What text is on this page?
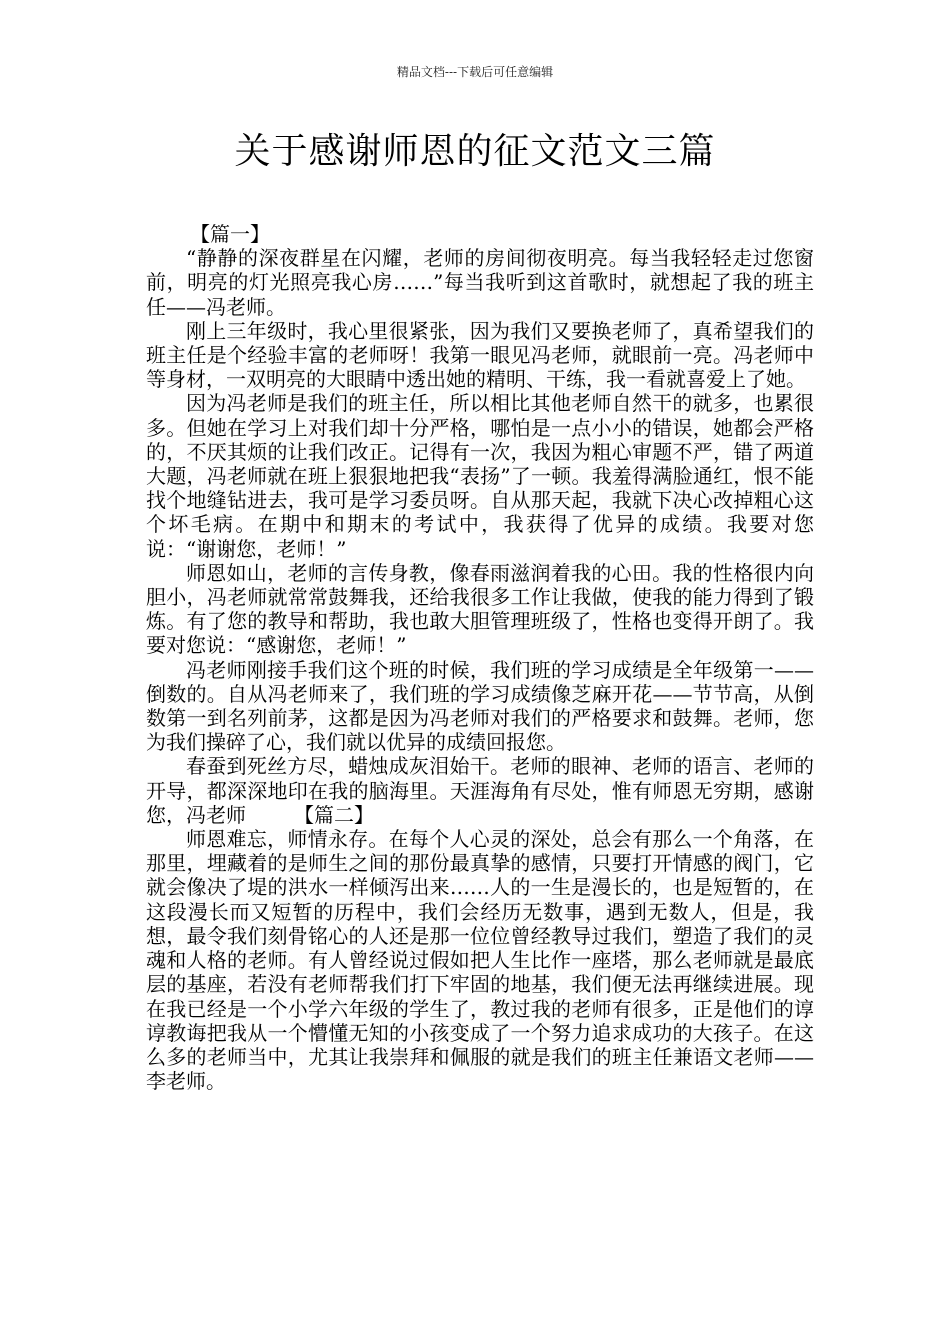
精品文档---下载后可任意编辑
关于感谢师恩的征文范文三篇
【篇一】

“静静的深夜群星在闪耀，老师的房间彻夜明亮。每当我轻轻走过您窗前，明亮的灯光照亮我心房……”每当我听到这首歌时，就想起了我的班主任——冯老师。

刚上三年级时，我心里很紧张，因为我们又要换老师了，真希望我们的班主任是个经验丰富的老师呀！我第一眼见冯老师，就眼前一亮。冯老师中等身材，一双明亮的大眼睛中透出她的精明、干练，我一看就喜爱上了她。

因为冯老师是我们的班主任，所以相比其他老师自然干的就多，也累很多。但她在学习上对我们却十分严格，哪怕是一点小小的错误，她都会严格的，不厌其烦的让我们改正。记得有一次，我因为粗心审题不严，错了两道大题，冯老师就在班上狠狠地把我“表扬”了一顿。我羞得满脸通红，恨不能找个地缝钻进去，我可是学习委员呀。自从那天起，我就下决心改掉粗心这个坏毛病。在期中和期末的考试中，我获得了优异的成绩。我要对您说：“谢谢您，老师！”

师恩如山，老师的言传身教，像春雨滋润着我的心田。我的性格很内向胆小，冯老师就常常鼓舞我，还给我很多工作让我做，使我的能力得到了锻炼。有了您的教导和帮助，我也敢大胆管理班级了，性格也变得开朗了。我要对您说：“感谢您，老师！”

冯老师刚接手我们这个班的时候，我们班的学习成绩是全年级第一——倒数的。自从冯老师来了，我们班的学习成绩像芝麻开花——节节高，从倒数第一到名列前茅，这都是因为冯老师对我们的严格要求和鼓舞。老师，您为我们操碎了心，我们就以优异的成绩回报您。

春蚕到死丝方尽，蜡烛成灰泪始干。老师的眼神、老师的语言、老师的开导，都深深地印在我的脑海里。天涯海角有尽处，惟有师恩无穷期，感谢您，冯老师 【篇二】

师恩难忘，师情永存。在每个人心灵的深处，总会有那么一个角落，在那里，埋藏着的是师生之间的那份最真挚的感情，只要打开情感的阀门，它就会像决了堤的洪水一样倾泻出来……人的一生是漫长的，也是短暂的，在这段漫长而又短暂的历程中，我们会经历无数事，遇到无数人，但是，我想，最令我们刻骨铭心的人还是那一位位曾经教导过我们，塑造了我们的灵魂和人格的老师。有人曾经说过假如把人生比作一座塔，那么老师就是最底层的基座，若没有老师帮我们打下牢固的地基，我们便无法再继续进展。现在我已经是一个小学六年级的学生了，教过我的老师有很多，正是他们的谆谆教诲把我从一个懵懂无知的小孩变成了一个努力追求成功的大孩子。在这么多的老师当中，尤其让我崇拜和佩服的就是我们的班主任兼语文老师——李老师。
